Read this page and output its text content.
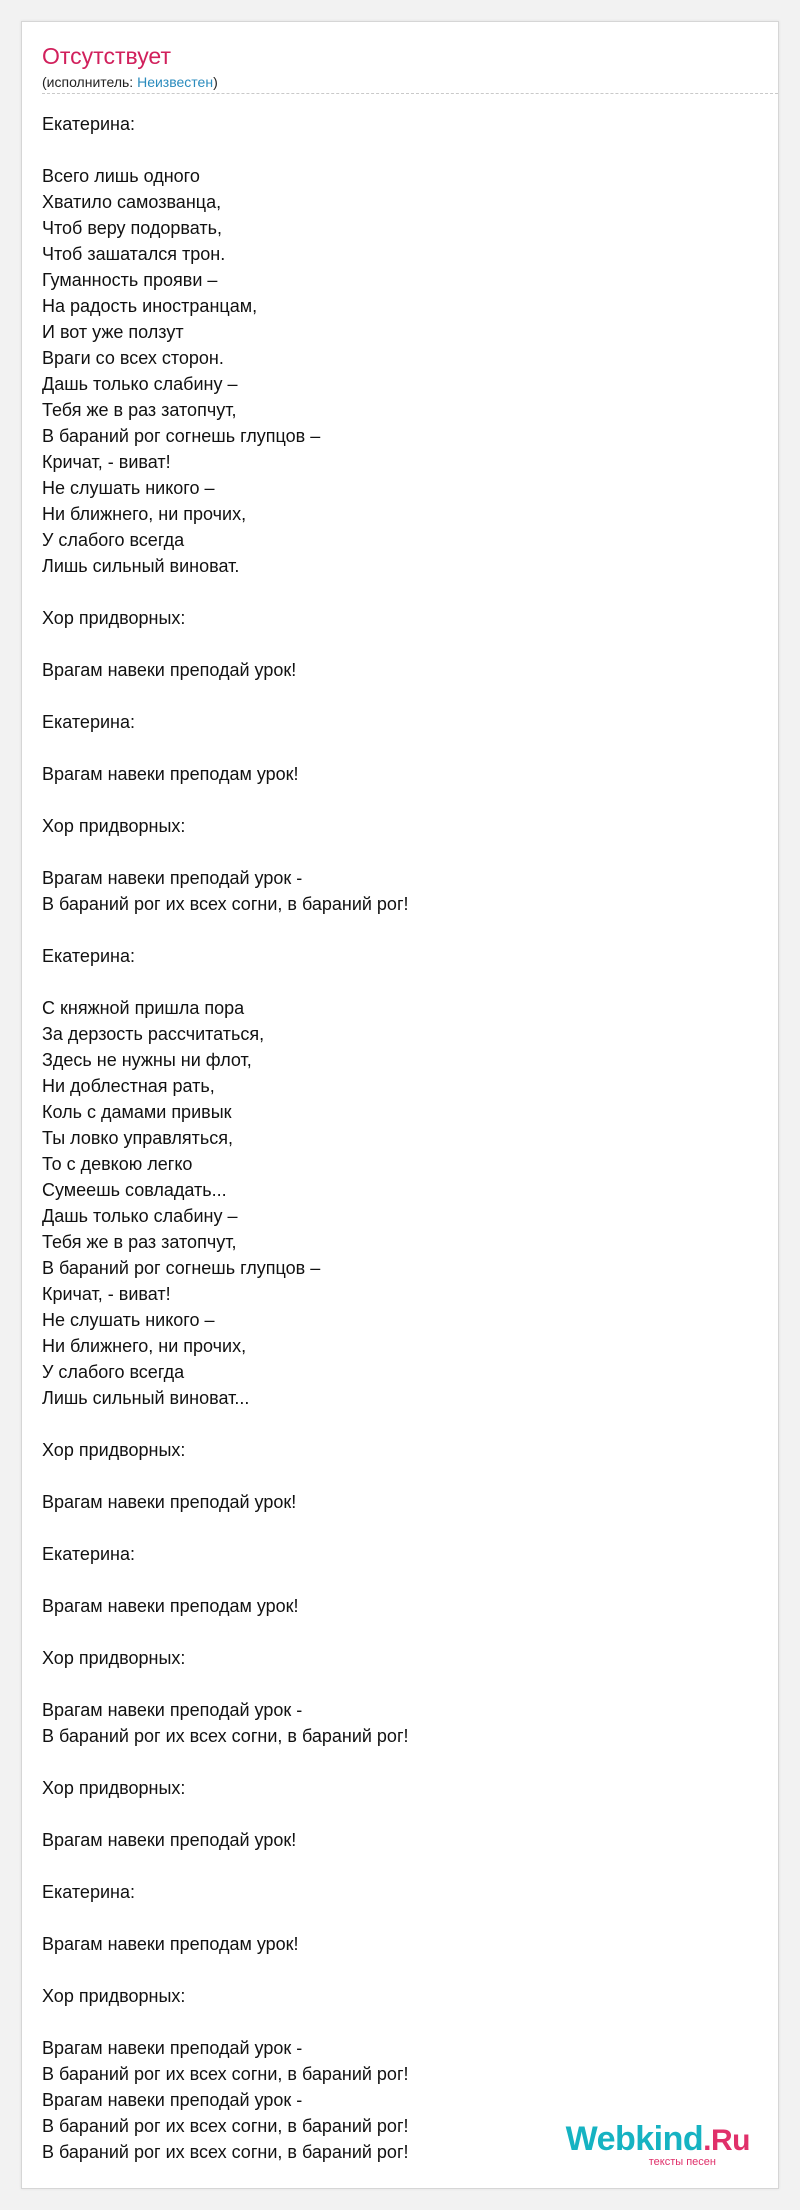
Отсутствует
(исполнитель: Неизвестен)
Екатерина:

Всего лишь одного
Хватило самозванца,
Чтоб веру подорвать,
Чтоб зашатался трон.
Гуманность прояви –
На радость иностранцам,
И вот уже ползут
Враги со всех сторон.
Дашь только слабину –
Тебя же в раз затопчут,
В бараний рог согнешь глупцов –
Кричат, - виват!
Не слушать никого –
Ни ближнего, ни прочих,
У слабого всегда
Лишь сильный виноват.

Хор придворных:

Врагам навеки преподай урок!

Екатерина:

Врагам навеки преподам урок!

Хор придворных:

Врагам навеки преподай урок -
В бараний рог их всех согни, в бараний рог!

Екатерина:

С княжной пришла пора
За дерзость рассчитаться,
Здесь не нужны ни флот,
Ни доблестная рать,
Коль с дамами привык
Ты ловко управляться,
То с девкою легко
Сумеешь совладать...
Дашь только слабину –
Тебя же в раз затопчут,
В бараний рог согнешь глупцов –
Кричат, - виват!
Не слушать никого –
Ни ближнего, ни прочих,
У слабого всегда
Лишь сильный виноват...

Хор придворных:

Врагам навеки преподай урок!

Екатерина:

Врагам навеки преподам урок!

Хор придворных:

Врагам навеки преподай урок -
В бараний рог их всех согни, в бараний рог!

Хор придворных:

Врагам навеки преподай урок!

Екатерина:

Врагам навеки преподам урок!

Хор придворных:

Врагам навеки преподай урок -
В бараний рог их всех согни, в бараний рог!
Врагам навеки преподай урок -
В бараний рог их всех согни, в бараний рог!
В бараний рог их всех согни, в бараний рог!	Webkind.Ru
тексты песен
